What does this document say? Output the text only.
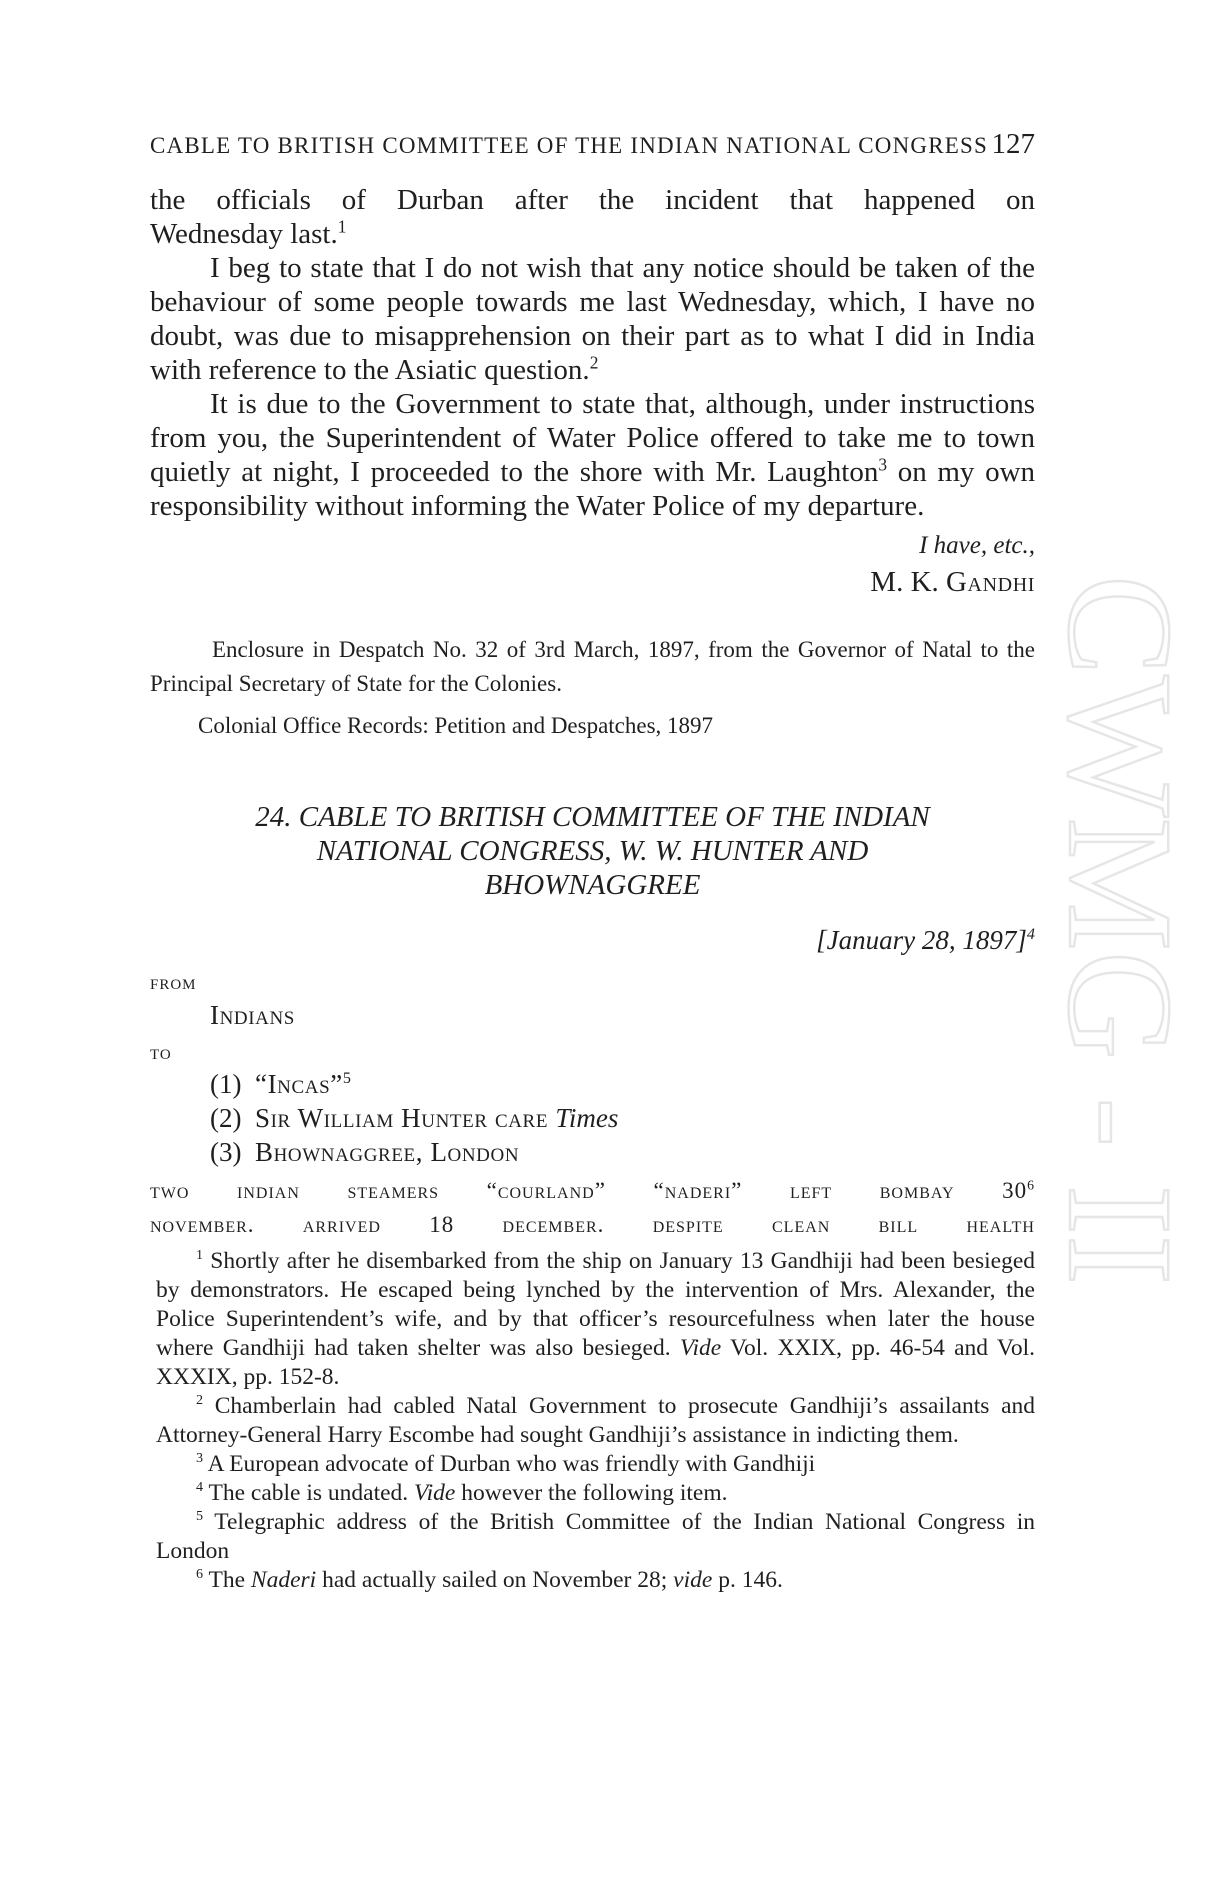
CABLE TO BRITISH COMMITTEE OF THE INDIAN NATIONAL CONGRESS 127

the officials of Durban after the incident that happened on

Wednesday last.$^1$

I beg to state that I do not wish that any notice should be taken of the behaviour of some people towards me last Wednesday, which, I have no doubt, was due to misapprehension on their part as to what I did in India with reference to the Asiatic question.$^2$

It is due to the Government to state that, although, under instructions from you, the Superintendent of Water Police offered to take me to town quietly at night, I proceeded to the shore with Mr. Laughton$^3$ on my own responsibility without informing the Water Police of my departure.

I have, etc.,

M. K. Gandhi

Enclosure in Despatch No. 32 of 3rd March, 1897, from the Governor of Natal to the Principal Secretary of State for the Colonies.

Colonial Office Records: Petition and Despatches, 1897

24. CABLE TO BRITISH COMMITTEE OF THE INDIAN
NATIONAL CONGRESS, W. W. HUNTER AND
BHOWNAGGREE
[January 28, 1897]$^4$
from
Indians
to
(1) “Incas”$^5$
(2) Sir William Hunter care Times
(3) Bhownaggree, London
two indian steamers “courland” “naderi” left bombay $30^6$
november. arrived 18 december. despite clean bill health

$^1$ Shortly after he disembarked from the ship on January 13 Gandhiji had been besieged by demonstrators. He escaped being lynched by the intervention of Mrs. Alexander, the Police Superintendent’s wife, and by that officer’s resourcefulness when later the house where Gandhiji had taken shelter was also besieged. Vide Vol. XXIX, pp. 46-54 and Vol. XXXIX, pp. 152-8.

$^2$ Chamberlain had cabled Natal Government to prosecute Gandhiji’s assailants and Attorney-General Harry Escombe had sought Gandhiji’s assistance in indicting them.

$^3$ A European advocate of Durban who was friendly with Gandhiji

$^4$ The cable is undated. Vide however the following item.

$^5$ Telegraphic address of the British Committee of the Indian National Congress in London

$^6$ The Naderi had actually sailed on November 28; vide p. 146.

CWMG - II
